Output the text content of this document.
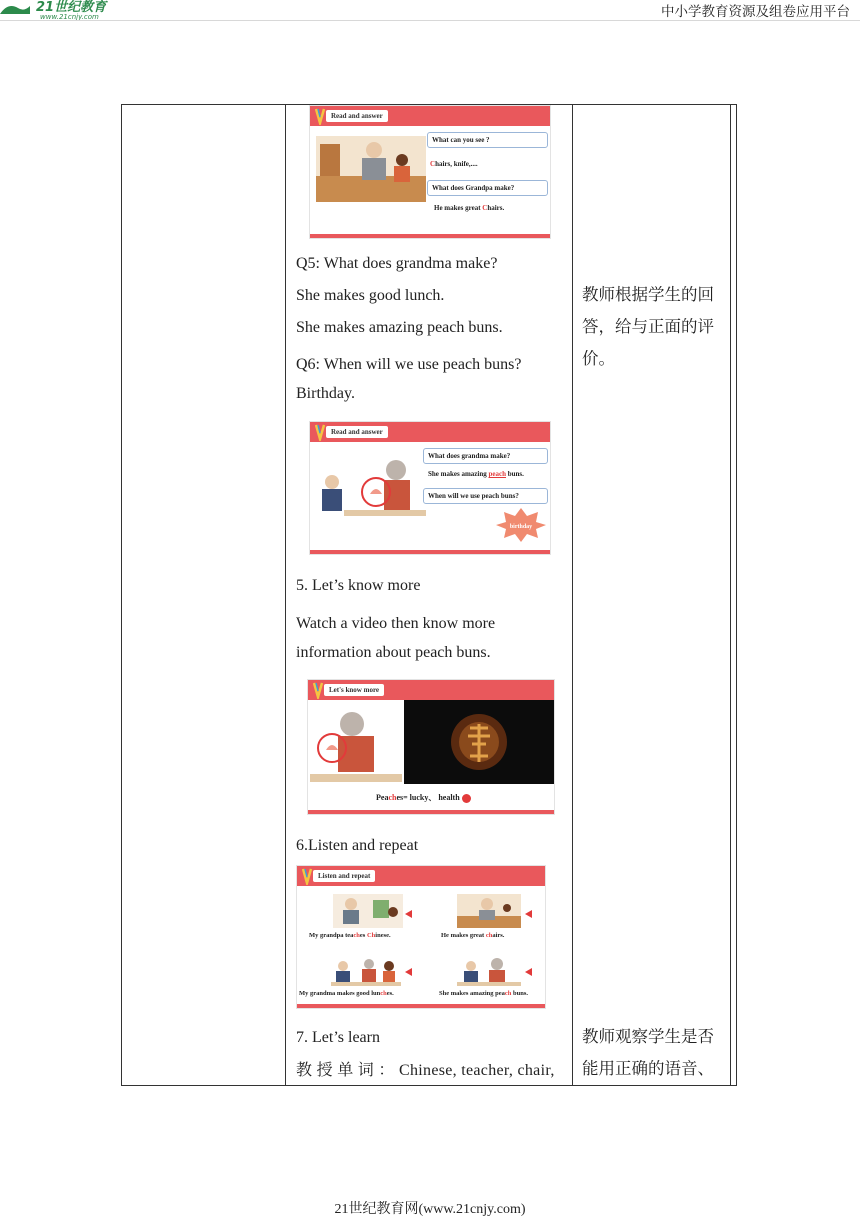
21世纪教育
www.21cnjy.com	中小学教育资源及组卷应用平台
Read and answer
What can you see ?
Chairs, knife,....
What does Grandpa make?
He makes great Chairs.
Q5: What does grandma make?
She makes good lunch.
She makes amazing peach buns.
Q6: When will we use peach buns?
Birthday.
Read and answer
What does grandma make?
She makes amazing peach buns.
When will we use peach buns?
birthday
5. Let’s know more
Watch a video then know more
information about peach buns.
Let's know more
Peaches= lucky、 health
6.Listen and repeat
Listen and repeat
My grandpa teaches Chinese.	He makes great chairs.
My grandma makes good lunches.	She makes amazing peach buns.
7. Let’s learn
教 授 单 词 ： Chinese, teacher, chair,
教师根据学生的回
答，给与正面的评
价。
教师观察学生是否
能用正确的语音、
21世纪教育网(www.21cnjy.com)
